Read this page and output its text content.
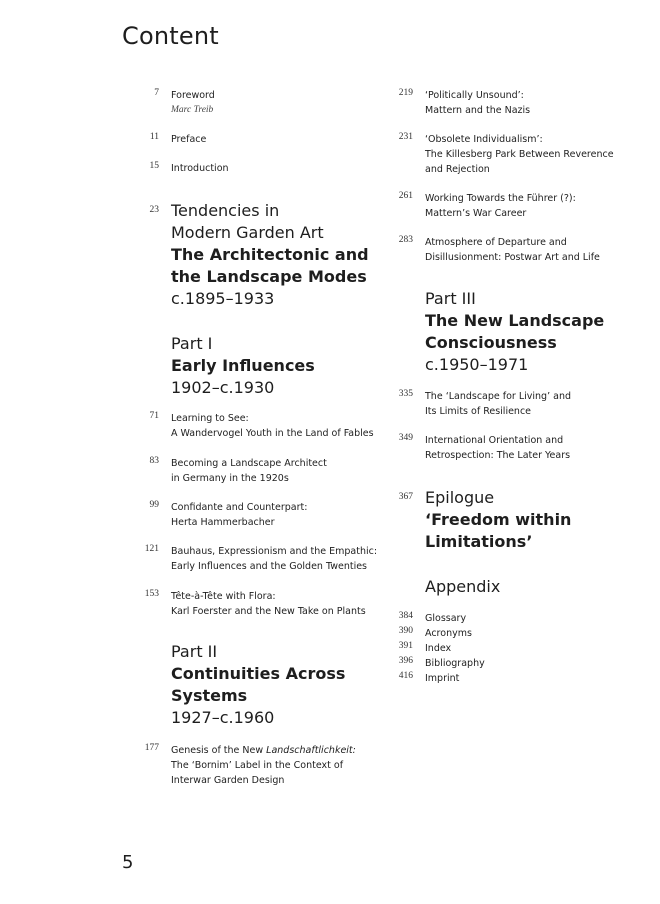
Content
7 Foreword
Marc Treib
11 Preface
15 Introduction
23 Tendencies in
Modern Garden Art
The Architectonic and
the Landscape Modes
c.1895–1933
Part I
Early Influences
1902–c.1930
71 Learning to See:
A Wandervogel Youth in the Land of Fables
83 Becoming a Landscape Architect
in Germany in the 1920s
99 Confidante and Counterpart:
Herta Hammerbacher
121 Bauhaus, Expressionism and the Empathic:
Early Influences and the Golden Twenties
153 Tête-à-Tête with Flora:
Karl Foerster and the New Take on Plants
Part II
Continuities Across
Systems
1927–c.1960
177 Genesis of the New Landschaftlichkeit:
The ‘Bornim’ Label in the Context of
Interwar Garden Design
219 ‘Politically Unsound’:
Mattern and the Nazis
231 ‘Obsolete Individualism’:
The Killesberg Park Between Reverence
and Rejection
261 Working Towards the Führer (?):
Mattern’s War Career
283 Atmosphere of Departure and
Disillusionment: Postwar Art and Life
Part III
The New Landscape
Consciousness
c.1950–1971
335 The ‘Landscape for Living’ and
Its Limits of Resilience
349 International Orientation and
Retrospection: The Later Years
367 Epilogue
‘Freedom within
Limitations’
Appendix
384 Glossary
390 Acronyms
391 Index
396 Bibliography
416 Imprint
5
